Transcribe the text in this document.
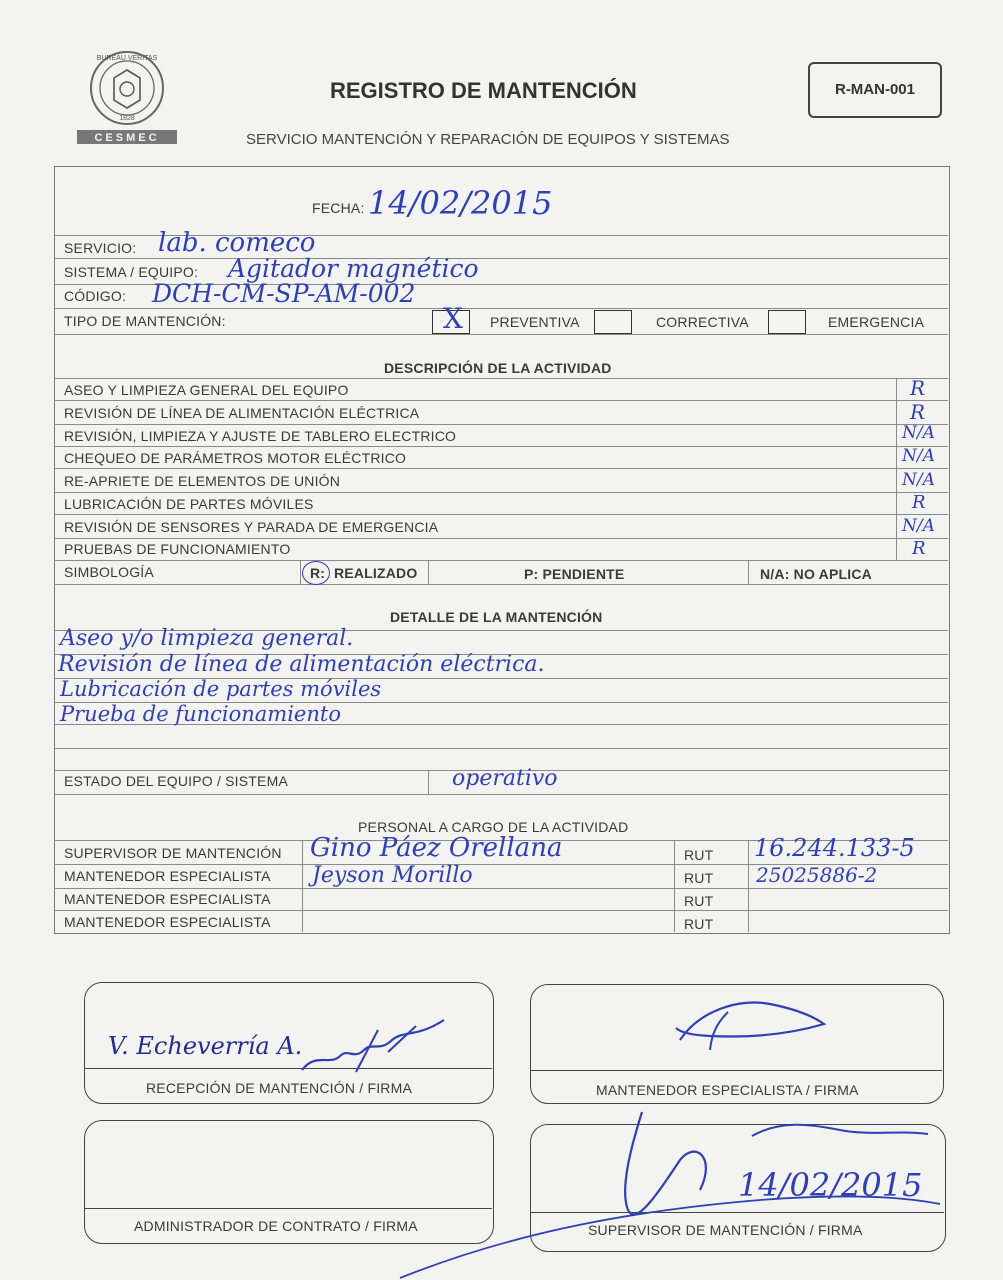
BUREAU VERITAS
1828
CESMEC
REGISTRO DE MANTENCIÓN	R-MAN-001
SERVICIO MANTENCIÓN Y REPARACIÓN DE EQUIPOS Y SISTEMAS
FECHA: 14/02/2015
SERVICIO: lab. comeco
SISTEMA / EQUIPO: Agitador magnético
CÓDIGO: DCH-CM-SP-AM-002
TIPO DE MANTENCIÓN:	X PREVENTIVA	CORRECTIVA	EMERGENCIA
DESCRIPCIÓN DE LA ACTIVIDAD
ASEO Y LIMPIEZA GENERAL DEL EQUIPO	R
REVISIÓN DE LÍNEA DE ALIMENTACIÓN ELÉCTRICA	R
REVISIÓN, LIMPIEZA Y AJUSTE DE TABLERO ELECTRICO	N/A
CHEQUEO DE PARÁMETROS MOTOR ELÉCTRICO	N/A
RE-APRIETE DE ELEMENTOS DE UNIÓN	N/A
LUBRICACIÓN DE PARTES MÓVILES	R
REVISIÓN DE SENSORES Y PARADA DE EMERGENCIA	N/A
PRUEBAS DE FUNCIONAMIENTO	R
SIMBOLOGÍA	R: REALIZADO	P: PENDIENTE	N/A: NO APLICA
DETALLE DE LA MANTENCIÓN
Aseo y/o limpieza general.
Revisión de línea de alimentación eléctrica.
Lubricación de partes móviles
Prueba de funcionamiento
ESTADO DEL EQUIPO / SISTEMA	operativo
PERSONAL A CARGO DE LA ACTIVIDAD
SUPERVISOR DE MANTENCIÓN Gino Páez Orellana	RUT 16.244.133-5
MANTENEDOR ESPECIALISTA Jeyson Morillo	RUT 25025886-2
MANTENEDOR ESPECIALISTA	RUT
MANTENEDOR ESPECIALISTA	RUT
V. Echeverría A.
RECEPCIÓN DE MANTENCIÓN / FIRMA	MANTENEDOR ESPECIALISTA / FIRMA
ADMINISTRADOR DE CONTRATO / FIRMA
14/02/2015
SUPERVISOR DE MANTENCIÓN / FIRMA
